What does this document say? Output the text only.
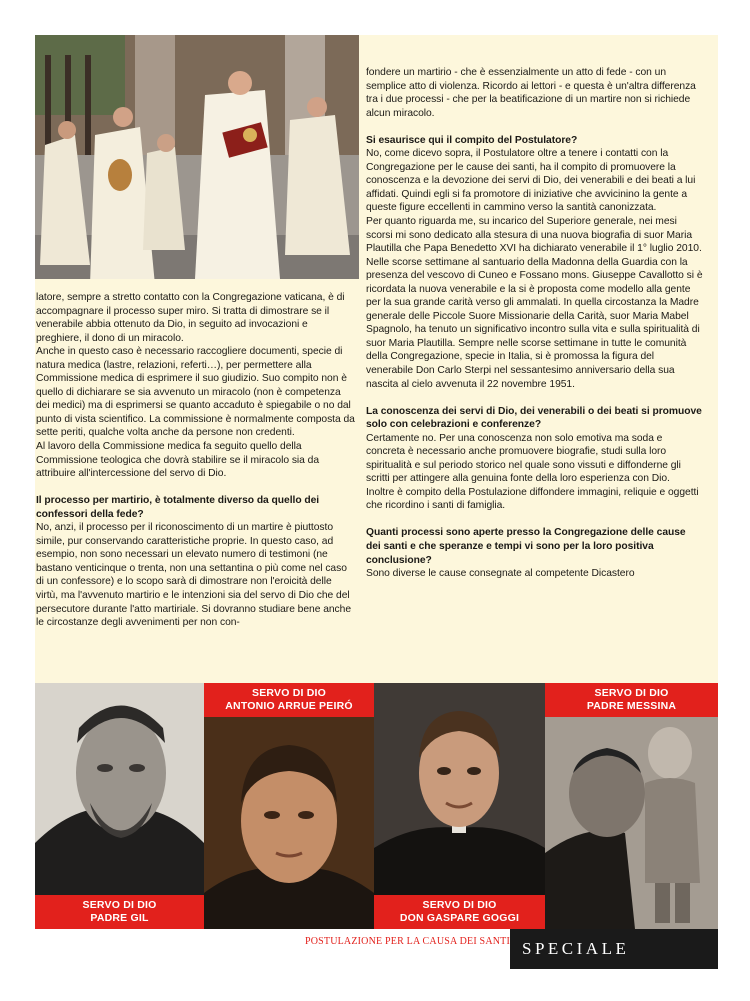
latore, sempre a stretto contatto con la Congregazione vaticana, è di accompagnare il processo super miro. Si tratta di dimostrare se il venerabile abbia ottenuto da Dio, in seguito ad invocazioni e preghiere, il dono di un miracolo.

Anche in questo caso è necessario raccogliere documenti, specie di natura medica (lastre, relazioni, referti…), per permettere alla Commissione medica di esprimere il suo giudizio. Suo compito non è quello di dichiarare se sia avvenuto un miracolo (non è competenza dei medici) ma di esprimersi se quanto accaduto è spiegabile o no dal punto di vista scientifico. La commissione è normalmente composta da sette periti, qualche volta anche da persone non credenti.

Al lavoro della Commissione medica fa seguito quello della Commissione teologica che dovrà stabilire se il miracolo sia da attribuire all'intercessione del servo di Dio.

Il processo per martirio, è totalmente diverso da quello dei confessori della fede?

No, anzi, il processo per il riconoscimento di un martire è piuttosto simile, pur conservando caratteristiche proprie. In questo caso, ad esempio, non sono necessari un elevato numero di testimoni (ne bastano venticinque o trenta, non una settantina o più come nel caso di un confessore) e lo scopo sarà di dimostrare non l'eroicità delle virtù, ma l'avvenuto martirio e le intenzioni sia del servo di Dio che del persecutore durante l'atto martiriale. Si dovranno studiare bene anche le circostanze degli avvenimenti per non con-

fondere un martirio - che è essenzialmente un atto di fede - con un semplice atto di violenza. Ricordo ai lettori - e questa è un'altra differenza tra i due processi - che per la beatificazione di un martire non si richiede alcun miracolo.

Si esaurisce qui il compito del Postulatore?

No, come dicevo sopra, il Postulatore oltre a tenere i contatti con la Congregazione per le cause dei santi, ha il compito di promuovere la conoscenza e la devozione dei servi di Dio, dei venerabili e dei beati a lui affidati. Quindi egli si fa promotore di iniziative che avvicinino la gente a queste figure eccellenti in cammino verso la santità canonizzata.

Per quanto riguarda me, su incarico del Superiore generale, nei mesi scorsi mi sono dedicato alla stesura di una nuova biografia di suor Maria Plautilla che Papa Benedetto XVI ha dichiarato venerabile il 1° luglio 2010. Nelle scorse settimane al santuario della Madonna della Guardia con la presenza del vescovo di Cuneo e Fossano mons. Giuseppe Cavallotto si è ricordata la nuova venerabile e la si è proposta come modello alla gente per la sua grande carità verso gli ammalati. In quella circostanza la Madre generale delle Piccole Suore Missionarie della Carità, suor Maria Mabel Spagnolo, ha tenuto un significativo incontro sulla vita e sulla spiritualità di suor Maria Plautilla. Sempre nelle scorse settimane in tutte le comunità della Congregazione, specie in Italia, si è promossa la figura del venerabile Don Carlo Sterpi nel sessantesimo anniversario della sua nascita al cielo avvenuta il 22 novembre 1951.

La conoscenza dei servi di Dio, dei venerabili o dei beati si promuove solo con celebrazioni e conferenze?

Certamente no. Per una conoscenza non solo emotiva ma soda e concreta è necessario anche promuovere biografie, studi sulla loro spiritualità e sul periodo storico nel quale sono vissuti e diffonderne gli scritti per attingere alla genuina fonte della loro esperienza con Dio.

Inoltre è compito della Postulazione diffondere immagini, reliquie e oggetti che ricordino i santi di famiglia.

Quanti processi sono aperte presso la Congregazione delle cause dei santi e che speranze e tempi vi sono per la loro positiva conclusione?

Sono diverse le cause consegnate al competente Dicastero

SERVO DI DIO
PADRE GIL
SERVO DI DIO
ANTONIO ARRUE PEIRÓ
SERVO DI DIO
DON GASPARE GOGGI
SERVO DI DIO
PADRE MESSINA
POSTULAZIONE PER LA CAUSA DEI SANTI SPECIALE
